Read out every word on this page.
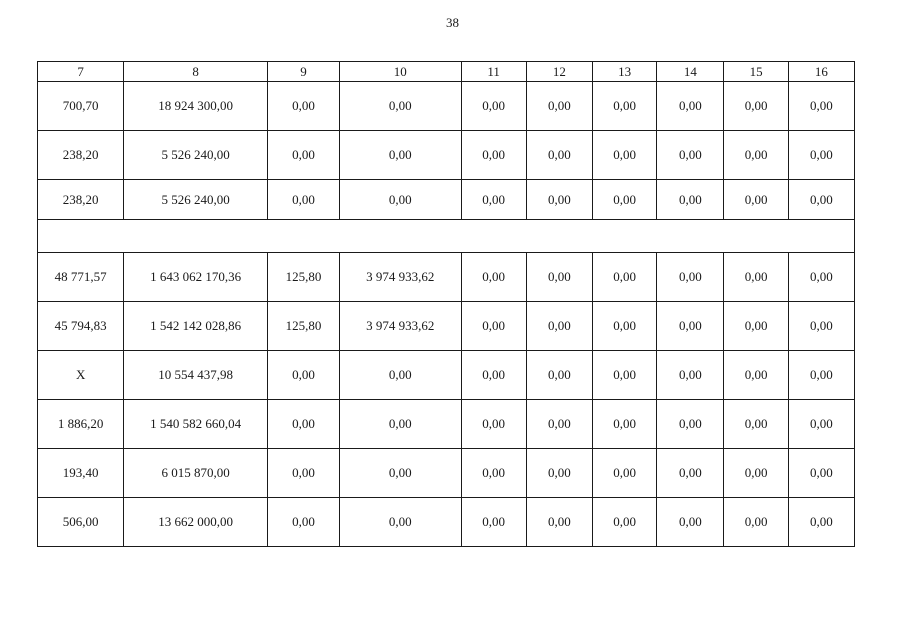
38
7	8	9	10	11	12	13	14	15	16
700,70	18 924 300,00	0,00	0,00	0,00	0,00	0,00	0,00	0,00	0,00
238,20	5 526 240,00	0,00	0,00	0,00	0,00	0,00	0,00	0,00	0,00
238,20	5 526 240,00	0,00	0,00	0,00	0,00	0,00	0,00	0,00	0,00

48 771,57	1 643 062 170,36	125,80	3 974 933,62	0,00	0,00	0,00	0,00	0,00	0,00
45 794,83	1 542 142 028,86	125,80	3 974 933,62	0,00	0,00	0,00	0,00	0,00	0,00
X	10 554 437,98	0,00	0,00	0,00	0,00	0,00	0,00	0,00	0,00
1 886,20	1 540 582 660,04	0,00	0,00	0,00	0,00	0,00	0,00	0,00	0,00
193,40	6 015 870,00	0,00	0,00	0,00	0,00	0,00	0,00	0,00	0,00
506,00	13 662 000,00	0,00	0,00	0,00	0,00	0,00	0,00	0,00	0,00
